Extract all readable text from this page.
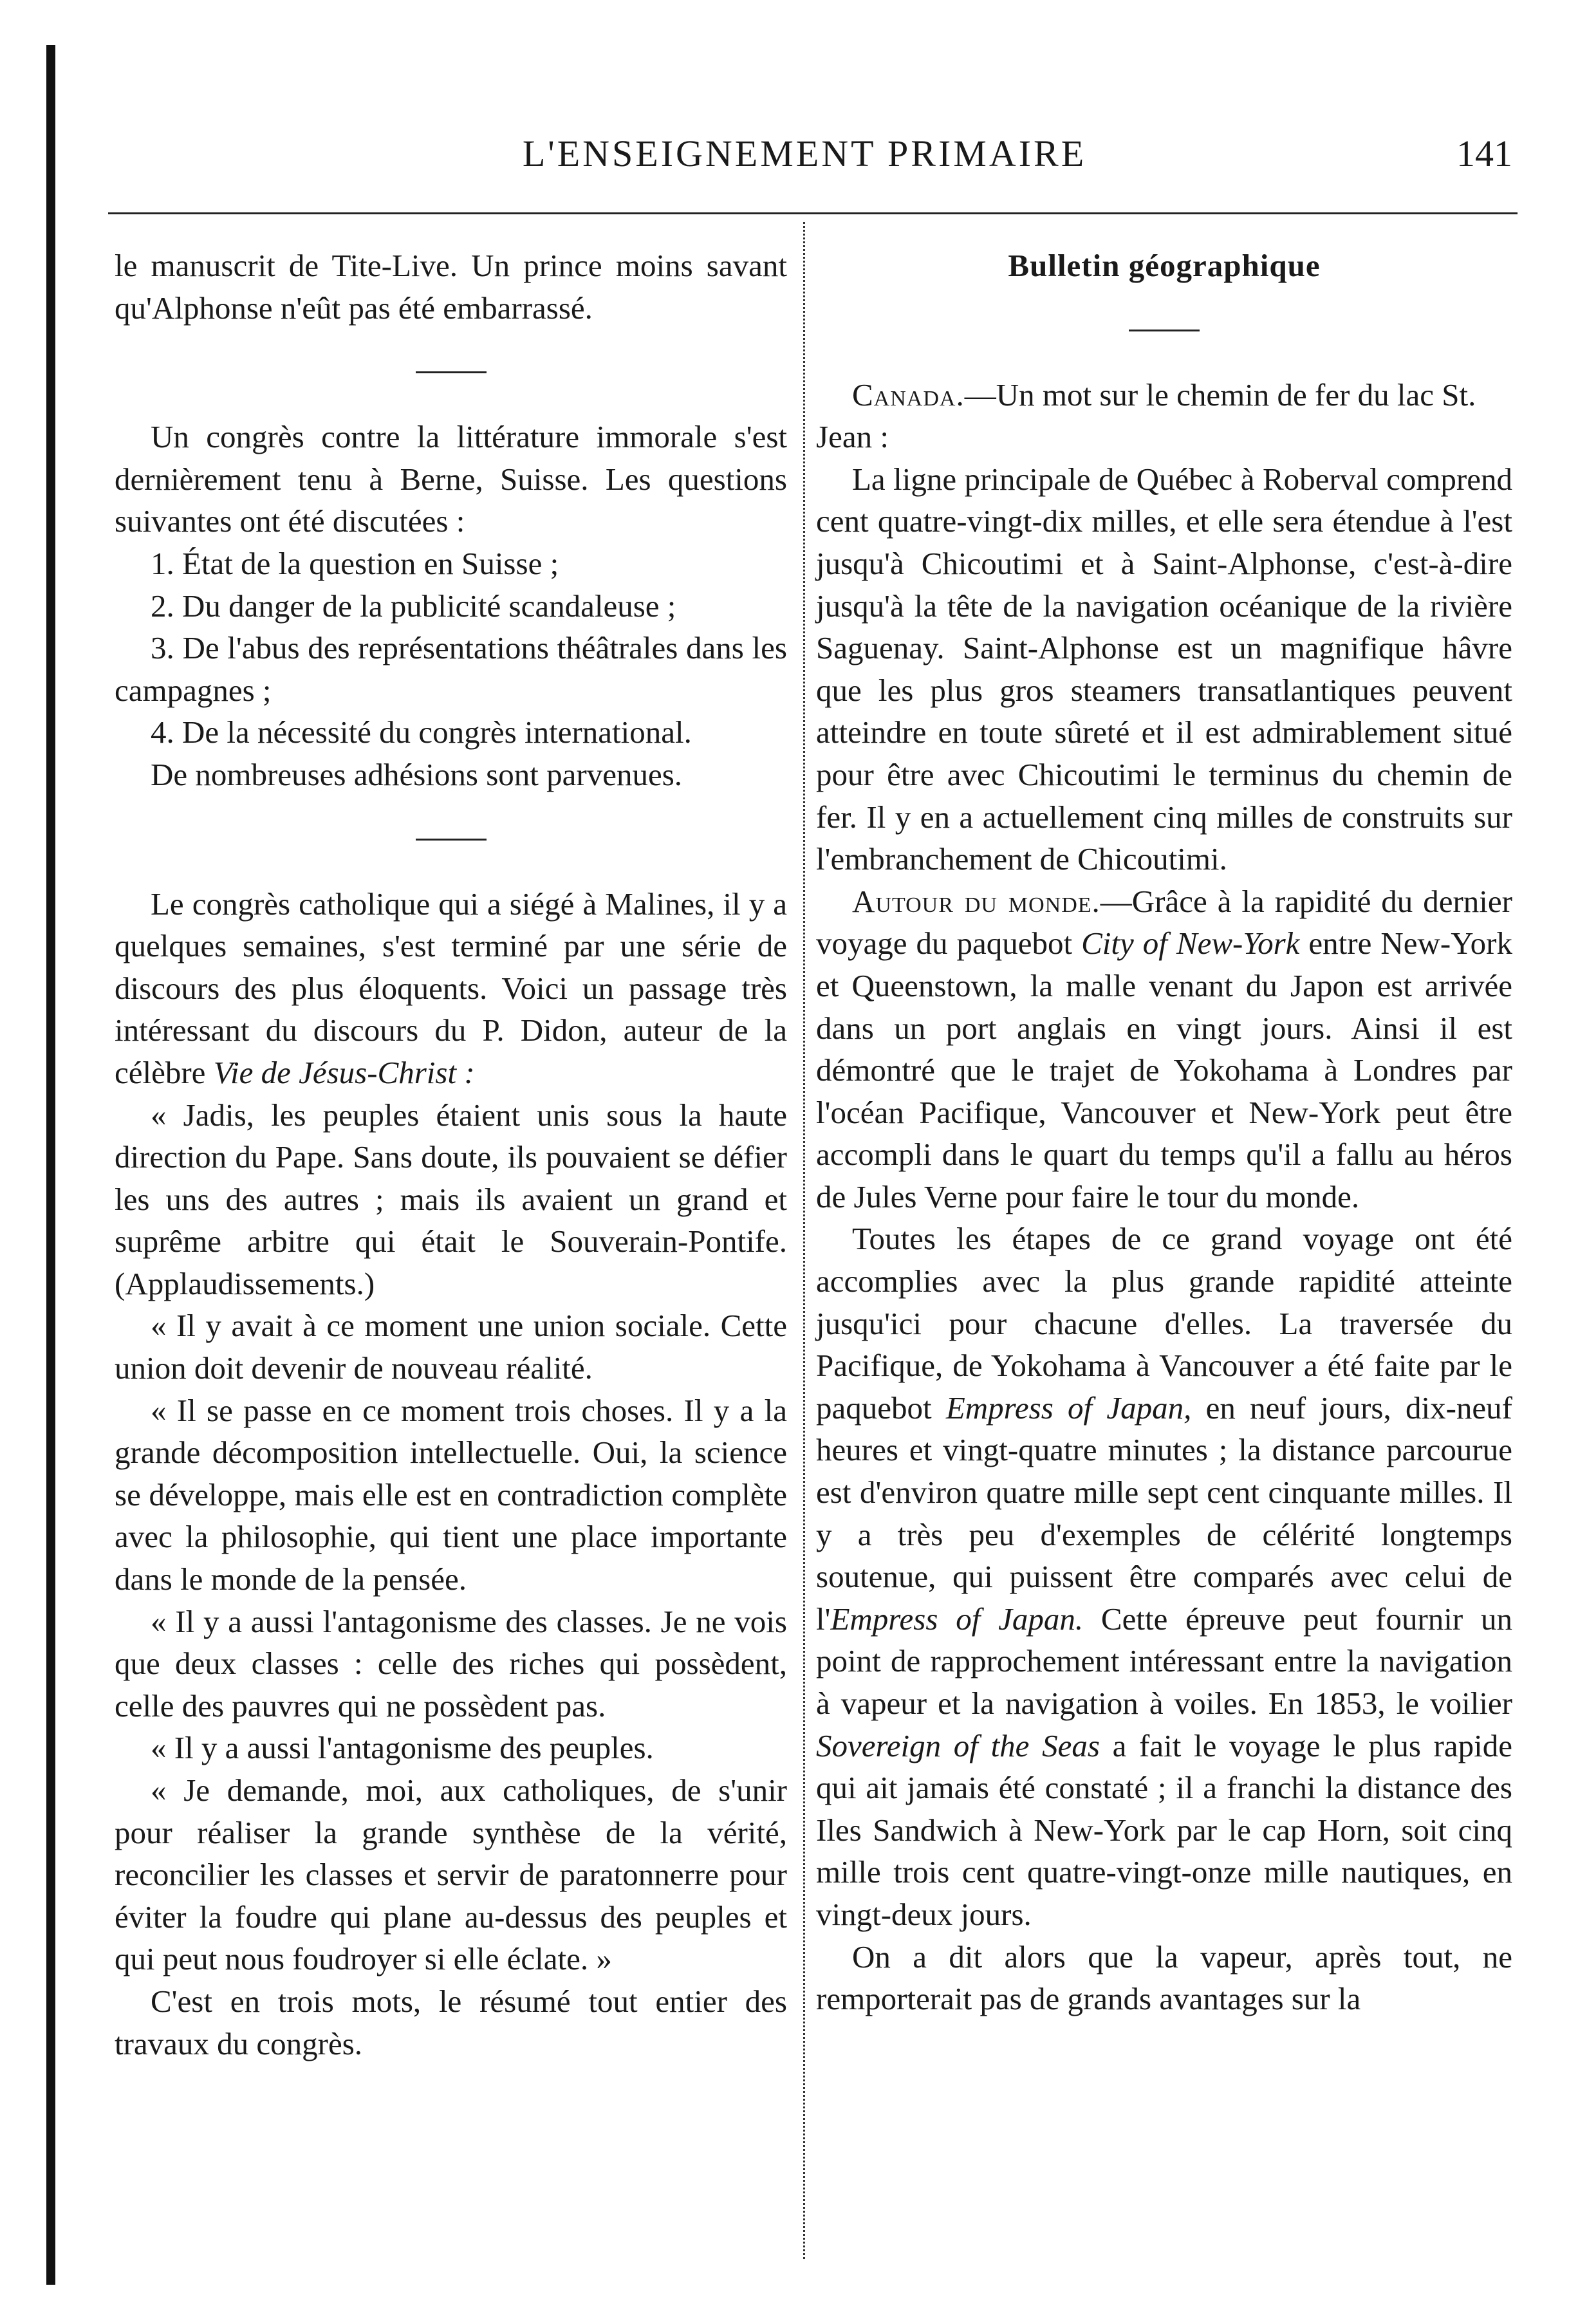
L'ENSEIGNEMENT PRIMAIRE	141

le manuscrit de Tite-Live. Un prince moins savant qu'Alphonse n'eût pas été embarrassé.

Un congrès contre la littérature immorale s'est dernièrement tenu à Berne, Suisse. Les questions suivantes ont été discutées :

1. État de la question en Suisse ;

2. Du danger de la publicité scandaleuse ;

3. De l'abus des représentations théâtrales dans les campagnes ;

4. De la nécessité du congrès international.

De nombreuses adhésions sont parvenues.

Le congrès catholique qui a siégé à Malines, il y a quelques semaines, s'est terminé par une série de discours des plus éloquents. Voici un passage très intéressant du discours du P. Didon, auteur de la célèbre Vie de Jésus-Christ :

« Jadis, les peuples étaient unis sous la haute direction du Pape. Sans doute, ils pouvaient se défier les uns des autres ; mais ils avaient un grand et suprême arbitre qui était le Souverain-Pontife. (Applaudissements.)

« Il y avait à ce moment une union sociale. Cette union doit devenir de nouveau réalité.

« Il se passe en ce moment trois choses. Il y a la grande décomposition intellectuelle. Oui, la science se développe, mais elle est en contradiction complète avec la philosophie, qui tient une place importante dans le monde de la pensée.

« Il y a aussi l'antagonisme des classes. Je ne vois que deux classes : celle des riches qui possèdent, celle des pauvres qui ne possèdent pas.

« Il y a aussi l'antagonisme des peuples.

« Je demande, moi, aux catholiques, de s'unir pour réaliser la grande synthèse de la vérité, reconcilier les classes et servir de paratonnerre pour éviter la foudre qui plane au-dessus des peuples et qui peut nous foudroyer si elle éclate. »

C'est en trois mots, le résumé tout entier des travaux du congrès.

Bulletin géographique

Canada.—Un mot sur le chemin de fer du lac St. Jean :

La ligne principale de Québec à Roberval comprend cent quatre-vingt-dix milles, et elle sera étendue à l'est jusqu'à Chicoutimi et à Saint-Alphonse, c'est-à-dire jusqu'à la tête de la navigation océanique de la rivière Saguenay. Saint-Alphonse est un magnifique hâvre que les plus gros steamers transatlantiques peuvent atteindre en toute sûreté et il est admirablement situé pour être avec Chicoutimi le terminus du chemin de fer. Il y en a actuellement cinq milles de construits sur l'embranchement de Chicoutimi.

Autour du monde.—Grâce à la rapidité du dernier voyage du paquebot City of New-York entre New-York et Queenstown, la malle venant du Japon est arrivée dans un port anglais en vingt jours. Ainsi il est démontré que le trajet de Yokohama à Londres par l'océan Pacifique, Vancouver et New-York peut être accompli dans le quart du temps qu'il a fallu au héros de Jules Verne pour faire le tour du monde.

Toutes les étapes de ce grand voyage ont été accomplies avec la plus grande rapidité atteinte jusqu'ici pour chacune d'elles. La traversée du Pacifique, de Yokohama à Vancouver a été faite par le paquebot Empress of Japan, en neuf jours, dix-neuf heures et vingt-quatre minutes ; la distance parcourue est d'environ quatre mille sept cent cinquante milles. Il y a très peu d'exemples de célérité longtemps soutenue, qui puissent être comparés avec celui de l'Empress of Japan. Cette épreuve peut fournir un point de rapprochement intéressant entre la navigation à vapeur et la navigation à voiles. En 1853, le voilier Sovereign of the Seas a fait le voyage le plus rapide qui ait jamais été constaté ; il a franchi la distance des Iles Sandwich à New-York par le cap Horn, soit cinq mille trois cent quatre-vingt-onze mille nautiques, en vingt-deux jours.

On a dit alors que la vapeur, après tout, ne remporterait pas de grands avantages sur la
